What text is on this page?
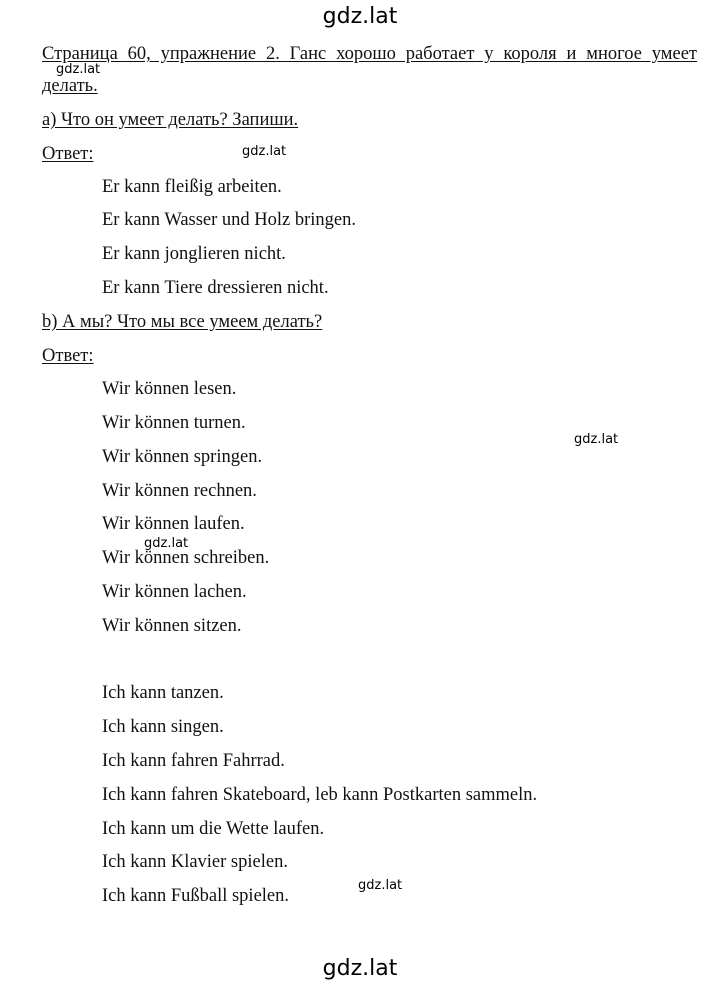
gdz.lat
gdz.lat
gdz.lat
gdz.lat
gdz.lat
gdz.lat
gdz.lat
Страница 60, упражнение 2. Ганс хорошо работает у короля и многое умеет
делать.
а) Что он умеет делать? Запиши.
Ответ:
Er kann fleißig arbeiten.
Er kann Wasser und Holz bringen.
Er kann jonglieren nicht.
Er kann Tiere dressieren nicht.
b) А мы? Что мы все умеем делать?
Ответ:
Wir können lesen.
Wir können turnen.
Wir können springen.
Wir können rechnen.
Wir können laufen.
Wir können schreiben.
Wir können lachen.
Wir können sitzen.
Ich kann tanzen.
Ich kann singen.
Ich kann fahren Fahrrad.
Ich kann fahren Skateboard, leb kann Postkarten sammeln.
Ich kann um die Wette laufen.
Ich kann Klavier spielen.
Ich kann Fußball spielen.
